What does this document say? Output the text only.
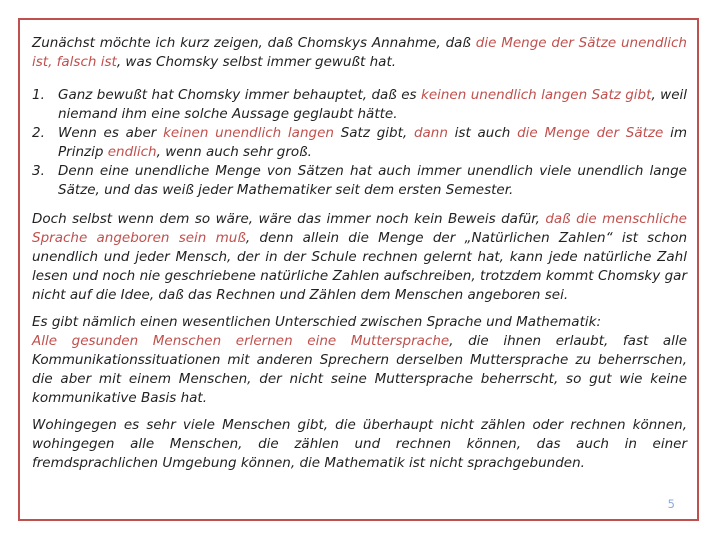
Zunächst möchte ich kurz zeigen, daß Chomskys Annahme, daß die Menge der Sätze unendlich ist, falsch ist, was Chomsky selbst immer gewußt hat.

1. Ganz bewußt hat Chomsky immer behauptet, daß es keinen unendlich langen Satz gibt, weil niemand ihm eine solche Aussage geglaubt hätte.
2. Wenn es aber keinen unendlich langen Satz gibt, dann ist auch die Menge der Sätze im Prinzip endlich, wenn auch sehr groß.
3. Denn eine unendliche Menge von Sätzen hat auch immer unendlich viele unendlich lange Sätze, und das weiß jeder Mathematiker seit dem ersten Semester.

Doch selbst wenn dem so wäre, wäre das immer noch kein Beweis dafür, daß die menschliche Sprache angeboren sein muß, denn allein die Menge der „Natürlichen Zahlen“ ist schon unendlich und jeder Mensch, der in der Schule rechnen gelernt hat, kann jede natürliche Zahl lesen und noch nie geschriebene natürliche Zahlen aufschreiben, trotzdem kommt Chomsky gar nicht auf die Idee, daß das Rechnen und Zählen dem Menschen angeboren sei.

Es gibt nämlich einen wesentlichen Unterschied zwischen Sprache und Mathematik:
Alle gesunden Menschen erlernen eine Muttersprache, die ihnen erlaubt, fast alle Kommunikationssituationen mit anderen Sprechern derselben Muttersprache zu beherrschen, die aber mit einem Menschen, der nicht seine Muttersprache beherrscht, so gut wie keine kommunikative Basis hat.

Wohingegen es sehr viele Menschen gibt, die überhaupt nicht zählen oder rechnen können, wohingegen alle Menschen, die zählen und rechnen können, das auch in einer fremdsprachlichen Umgebung können, die Mathematik ist nicht sprachgebunden.

5
